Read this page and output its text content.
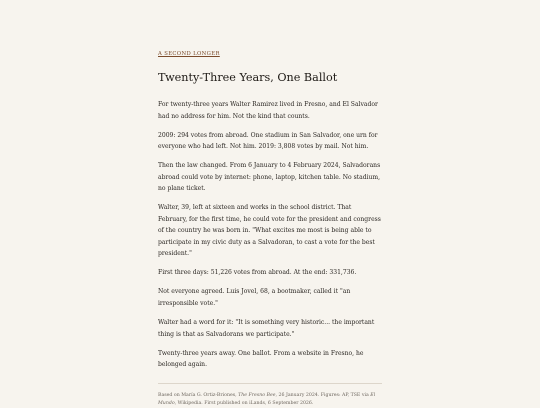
A SECOND LONGER
Twenty-Three Years, One Ballot

For twenty-three years Walter Ramirez lived in Fresno, and El Salvador had no address for him. Not the kind that counts.

2009: 294 votes from abroad. One stadium in San Salvador, one urn for everyone who had left. Not him. 2019: 3,808 votes by mail. Not him.

Then the law changed. From 6 January to 4 February 2024, Salvadorans abroad could vote by internet: phone, laptop, kitchen table. No stadium, no plane ticket.

Walter, 39, left at sixteen and works in the school district. That February, for the first time, he could vote for the president and congress of the country he was born in. "What excites me most is being able to participate in my civic duty as a Salvadoran, to cast a vote for the best president."

First three days: 51,226 votes from abroad. At the end: 331,736.

Not everyone agreed. Luis Jovel, 68, a bootmaker, called it "an irresponsible vote."

Walter had a word for it: "It is something very historic... the important thing is that as Salvadorans we participate."

Twenty-three years away. One ballot. From a website in Fresno, he belonged again.

Based on María G. Ortiz-Briones, The Fresno Bee, 26 January 2024. Figures: AP, TSE via El Mundo, Wikipedia. First published on iLands, 6 September 2026.
